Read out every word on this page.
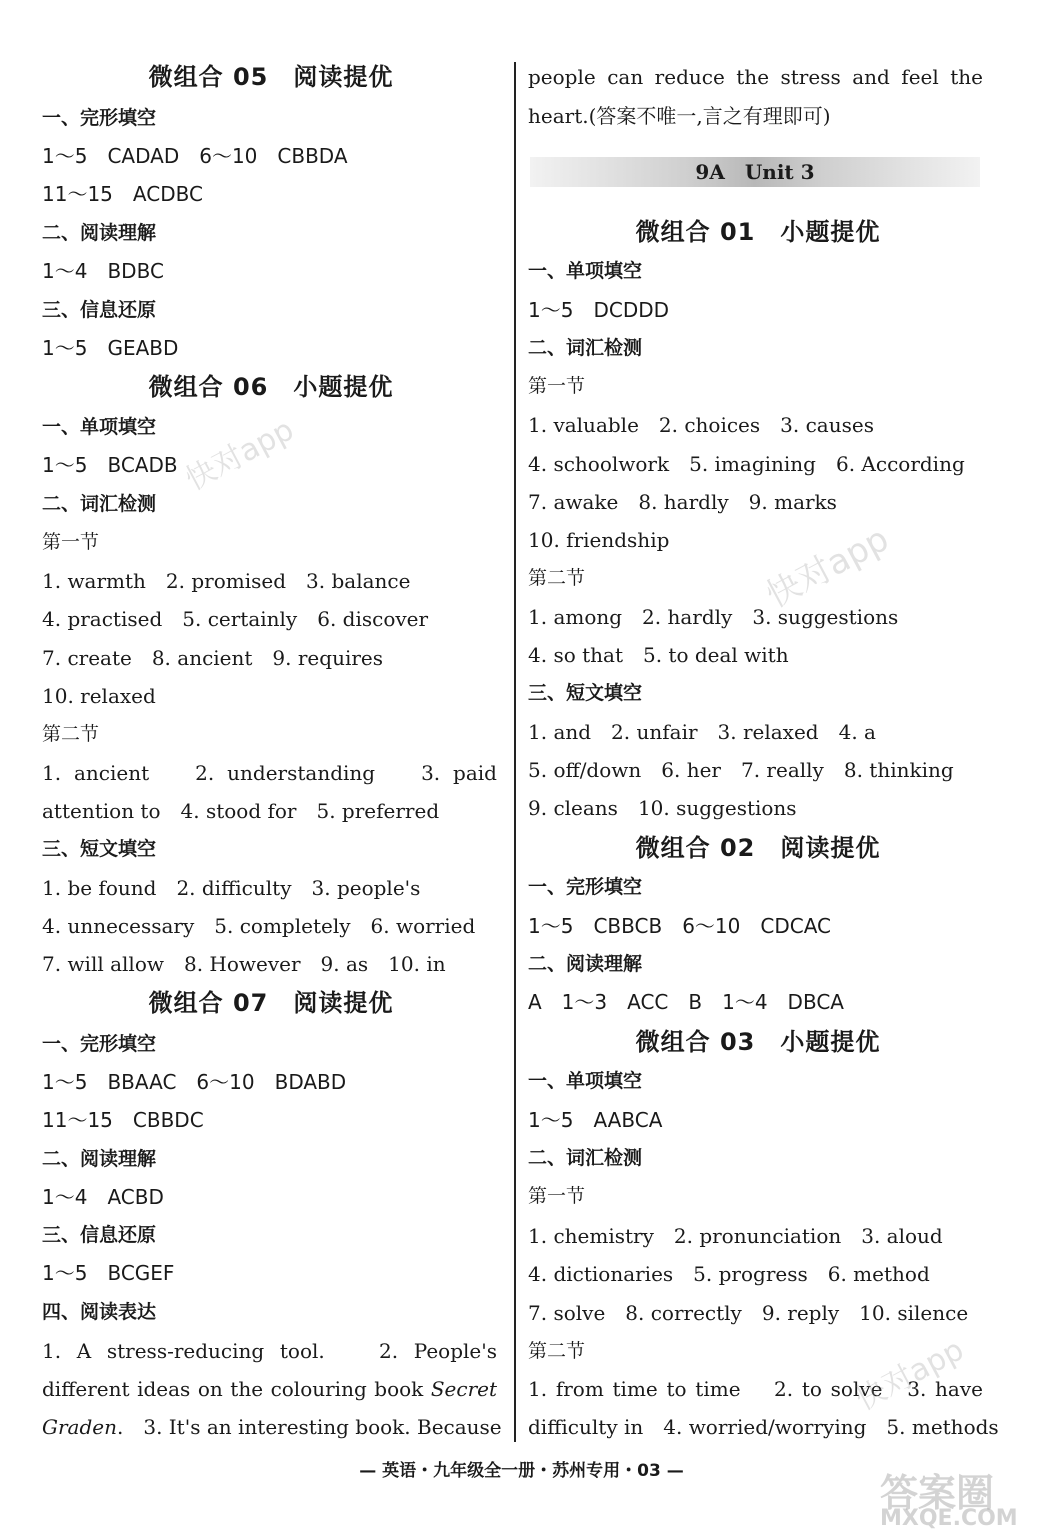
微组合 05　阅读提优
一、完形填空
1～5　CADAD　6～10　CBBDA
11～15　ACDBC
二、阅读理解
1～4　BDBC
三、信息还原
1～5　GEABD
微组合 06　小题提优
一、单项填空
1～5　BCADB
二、词汇检测
第一节
1. warmth　2. promised　3. balance
4. practised　5. certainly　6. discover
7. create　8. ancient　9. requires
10. relaxed
第二节
1. ancient　 2. understanding　 3. paid
attention to　4. stood for　5. preferred
三、短文填空
1. be found　2. difficulty　3. people's
4. unnecessary　5. completely　6. worried
7. will allow　8. However　9. as　10. in
微组合 07　阅读提优
一、完形填空
1～5　BBAAC　6～10　BDABD
11～15　CBBDC
二、阅读理解
1～4　ACBD
三、信息还原
1～5　BCGEF
四、阅读表达
1. A stress-reducing tool.　 2. People's
different ideas on the colouring book Secret
Graden.　3. It's an interesting book. Because
people can reduce the stress and feel the
heart.(答案不唯一,言之有理即可)
微组合 01　小题提优
一、单项填空
1～5　DCDDD
二、词汇检测
第一节
1. valuable　2. choices　3. causes
4. schoolwork　5. imagining　6. According
7. awake　8. hardly　9. marks
10. friendship
第二节
1. among　2. hardly　3. suggestions
4. so that　5. to deal with
三、短文填空
1. and　2. unfair　3. relaxed　4. a
5. off/down　6. her　7. really　8. thinking
9. cleans　10. suggestions
微组合 02　阅读提优
一、完形填空
1～5　CBBCB　6～10　CDCAC
二、阅读理解
A　1～3　ACC　B　1～4　DBCA
微组合 03　小题提优
一、单项填空
1～5　AABCA
二、词汇检测
第一节
1. chemistry　2. pronunciation　3. aloud
4. dictionaries　5. progress　6. method
7. solve　8. correctly　9. reply　10. silence
第二节
1. from time to time　 2. to solve　3. have
difficulty in　4. worried/worrying　5. methods
9A　Unit 3
快对app
快对app
快对app
— 英语・九年级全一册・苏州专用・03 —	答案圈
MXQE.COM
